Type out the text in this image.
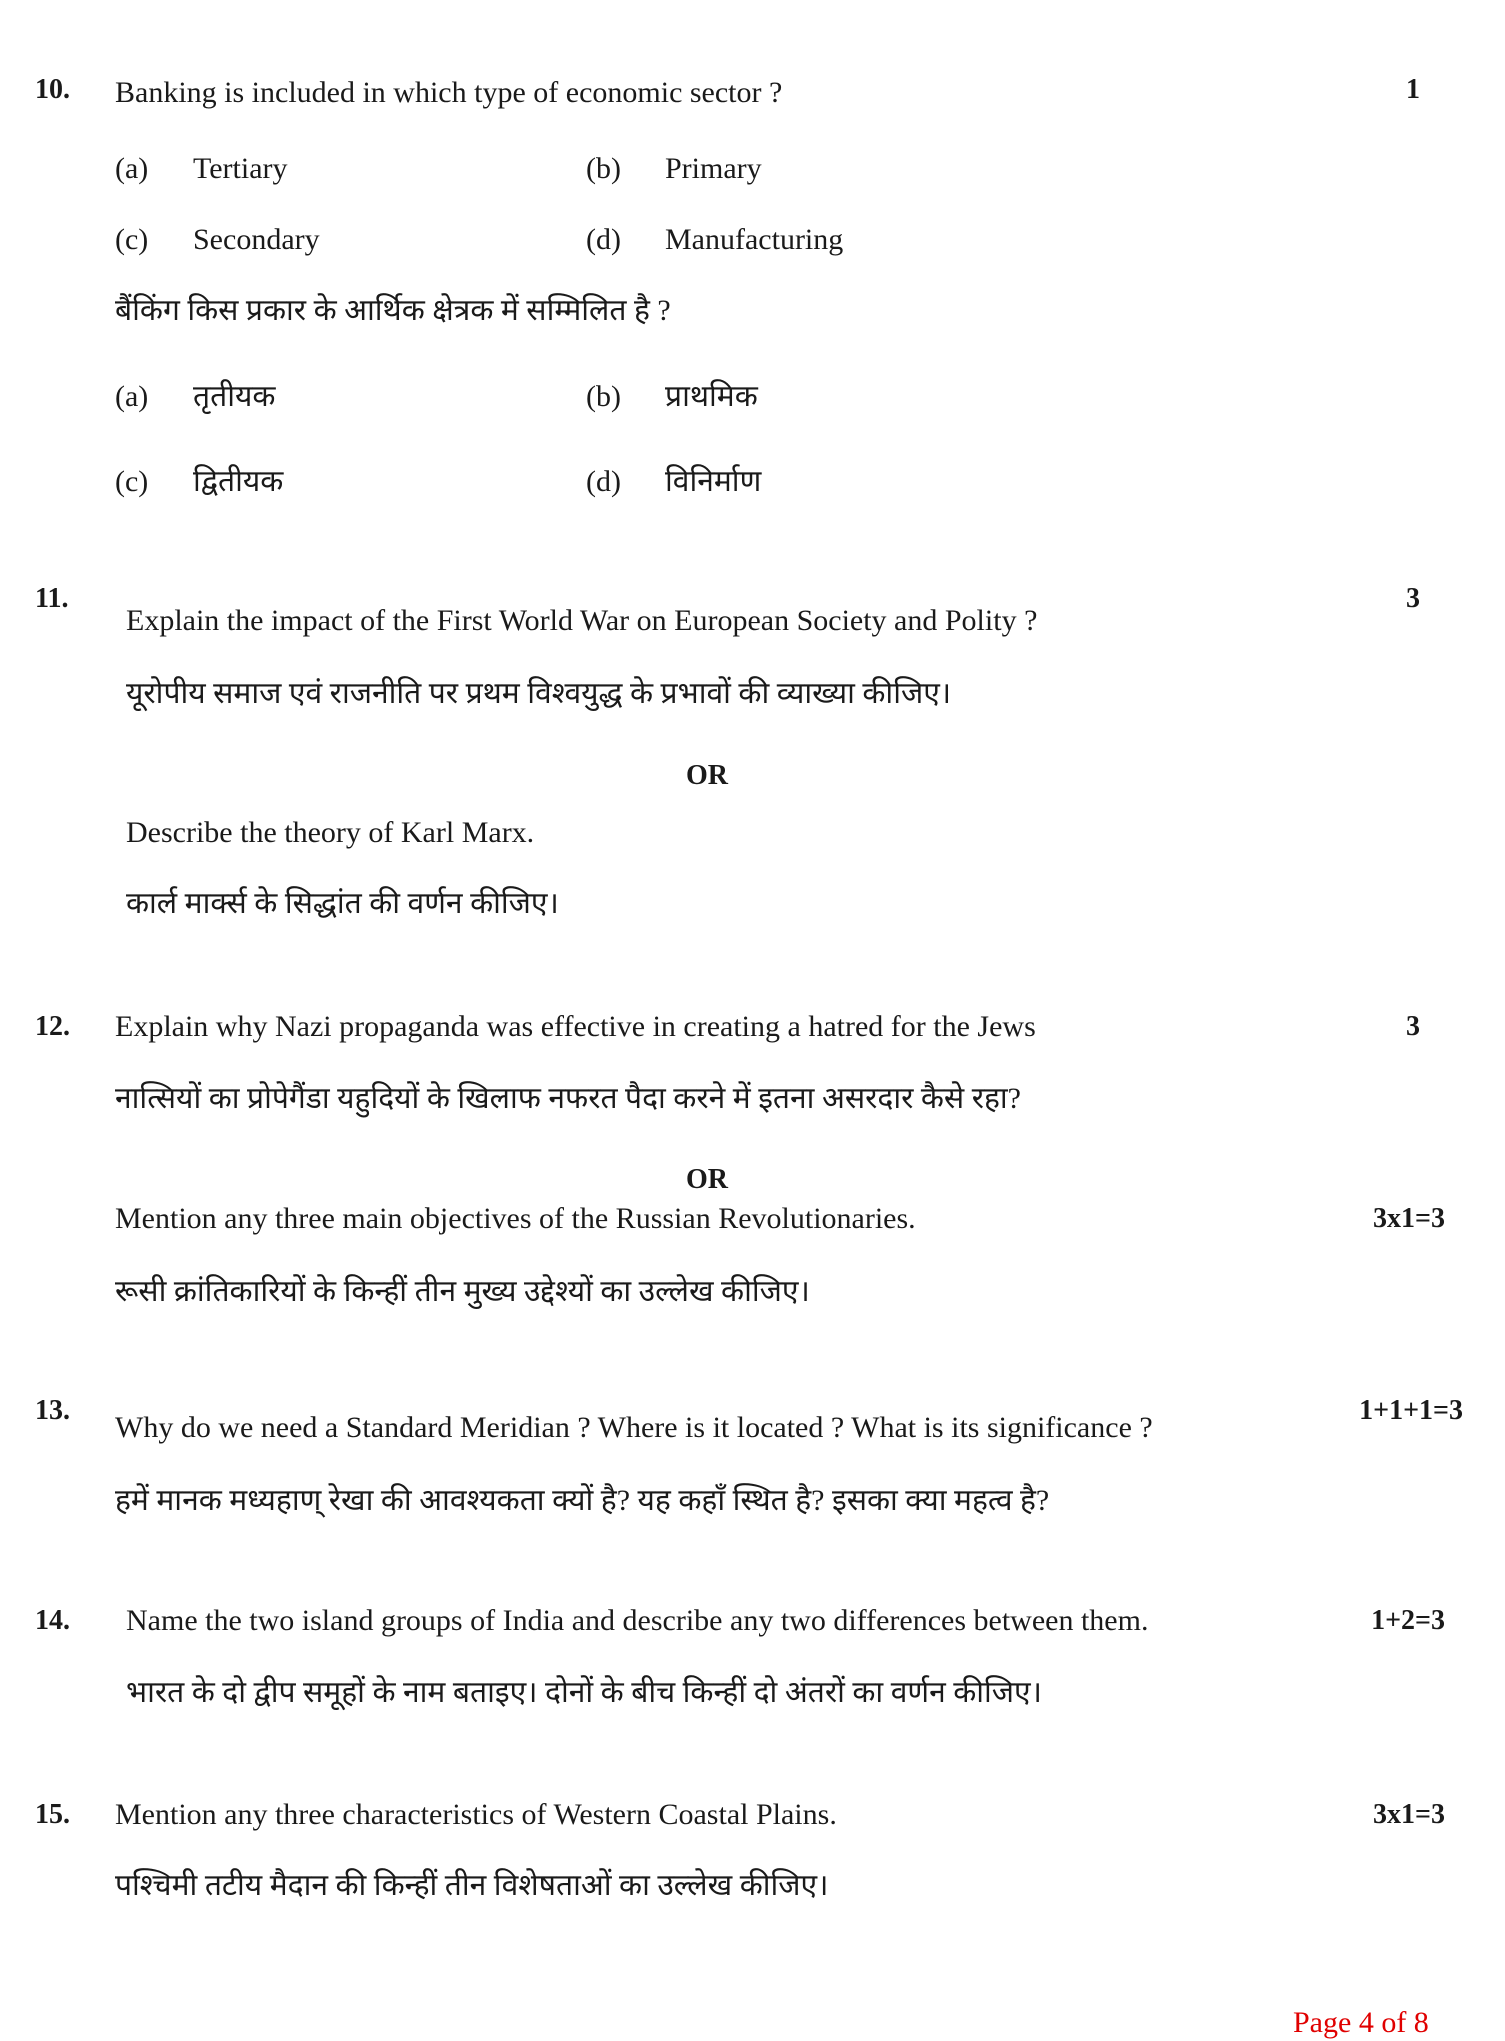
10. Banking is included in which type of economic sector ?	1
(a) Tertiary	(b) Primary
(c) Secondary	(d) Manufacturing
बैंकिंग किस प्रकार के आर्थिक क्षेत्रक में सम्मिलित है ?
(a) तृतीयक	(b) प्राथमिक
(c) द्वितीयक	(d) विनिर्माण
11.
Explain the impact of the First World War on European Society and Polity ?
3
यूरोपीय समाज एवं राजनीति पर प्रथम विश्वयुद्ध के प्रभावों की व्याख्या कीजिए।
OR
Describe the theory of Karl Marx.
कार्ल मार्क्स के सिद्धांत की वर्णन कीजिए।
12. Explain why Nazi propaganda was effective in creating a hatred for the Jews	3
नात्सियों का प्रोपेगैंडा यहुदियों के खिलाफ नफरत पैदा करने में इतना असरदार कैसे रहा?
OR
Mention any three main objectives of the Russian Revolutionaries.	3x1=3
रूसी क्रांतिकारियों के किन्हीं तीन मुख्य उद्देश्यों का उल्लेख कीजिए।
13.
Why do we need a Standard Meridian ? Where is it located ? What is its significance ?
1+1+1=3
हमें मानक मध्यहाण् रेखा की आवश्यकता क्यों है? यह कहाँ स्थित है? इसका क्या महत्व है?
14. Name the two island groups of India and describe any two differences between them.	1+2=3
भारत के दो द्वीप समूहों के नाम बताइए। दोनों के बीच किन्हीं दो अंतरों का वर्णन कीजिए।
15. Mention any three characteristics of Western Coastal Plains.	3x1=3
पश्चिमी तटीय मैदान की किन्हीं तीन विशेषताओं का उल्लेख कीजिए।
Page 4 of 8
